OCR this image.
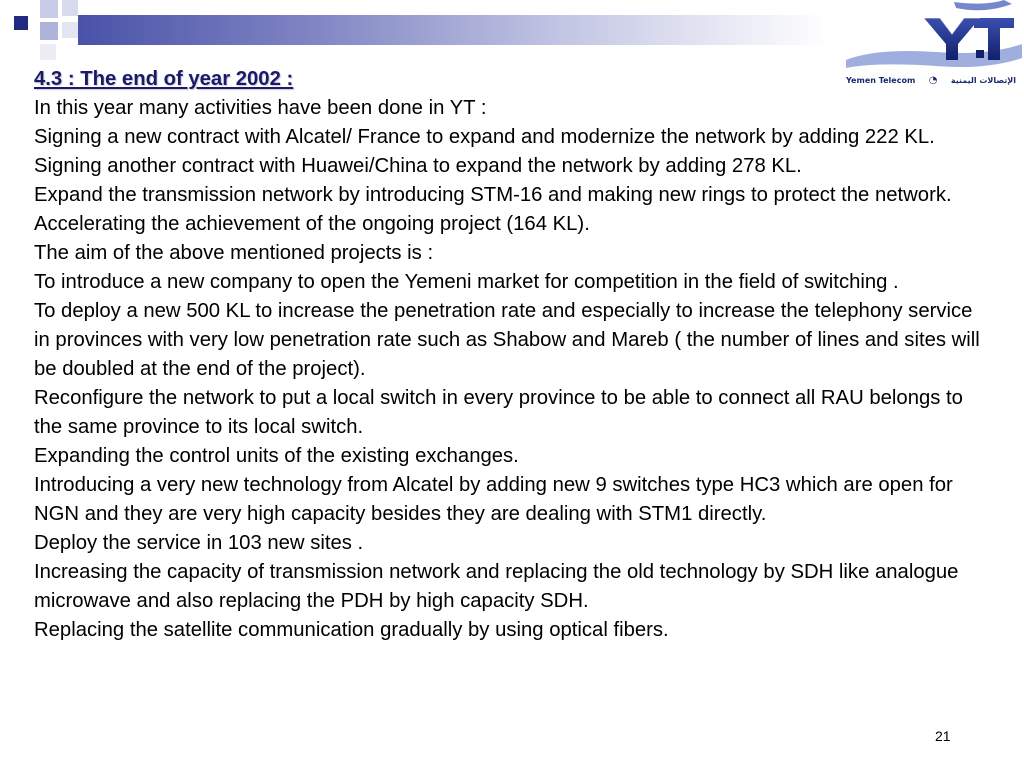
Yemen Telecom ◔ الإتصالات اليمنية
4.3 : The end of year 2002 :

In this year many activities have been done in YT :

Signing a new contract with Alcatel/ France to expand and modernize the network by adding 222 KL.

Signing another contract with Huawei/China to expand the network by adding 278 KL.

Expand the transmission network by introducing STM-16 and making new rings to protect the network.

Accelerating the achievement of the ongoing project (164 KL).

The aim of the above mentioned projects is :

To introduce a new company to open the Yemeni market for competition in the field of switching .

To deploy a new 500 KL to increase the penetration rate and especially to increase the telephony service in provinces with very low penetration rate such as Shabow and Mareb ( the number of lines and sites will be doubled at the end of the project).

Reconfigure the network to put a local switch in every province to be able to connect all RAU belongs to the same province to its local switch.

Expanding the control units of the existing exchanges.

Introducing a very new technology from Alcatel by adding new 9 switches type HC3 which are open for NGN and they are very high capacity besides they are dealing with STM1 directly.

Deploy the service in 103 new sites .

Increasing the capacity of transmission network and replacing the old technology by SDH like analogue microwave and also replacing the PDH by high capacity SDH.

Replacing the satellite communication gradually by using optical fibers.

21
